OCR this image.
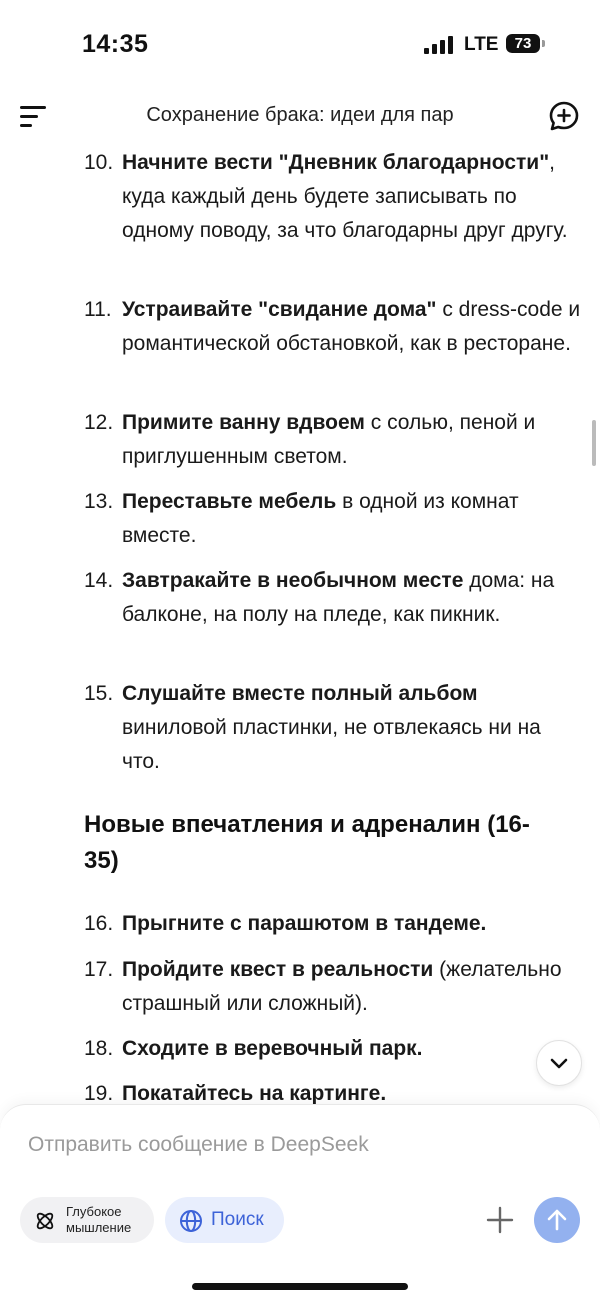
14:35	LTE	73
Сохранение брака: идеи для пар
10. Начните вести "Дневник благодарности", куда каждый день будете записывать по одному поводу, за что благодарны друг другу.
11. Устраивайте "свидание дома" с dress-code и романтической обстановкой, как в ресторане.
12. Примите ванну вдвоем с солью, пеной и приглушенным светом.
13. Переставьте мебель в одной из комнат вместе.
14. Завтракайте в необычном месте дома: на балконе, на полу на пледе, как пикник.
15. Слушайте вместе полный альбом виниловой пластинки, не отвлекаясь ни на что.
Новые впечатления и адреналин (16-35)
16. Прыгните с парашютом в тандеме.
17. Пройдите квест в реальности (желательно страшный или сложный).
18. Сходите в веревочный парк.
19. Покатайтесь на картинге.
Отправить сообщение в DeepSeek
Глубокое
мышление	Поиск
